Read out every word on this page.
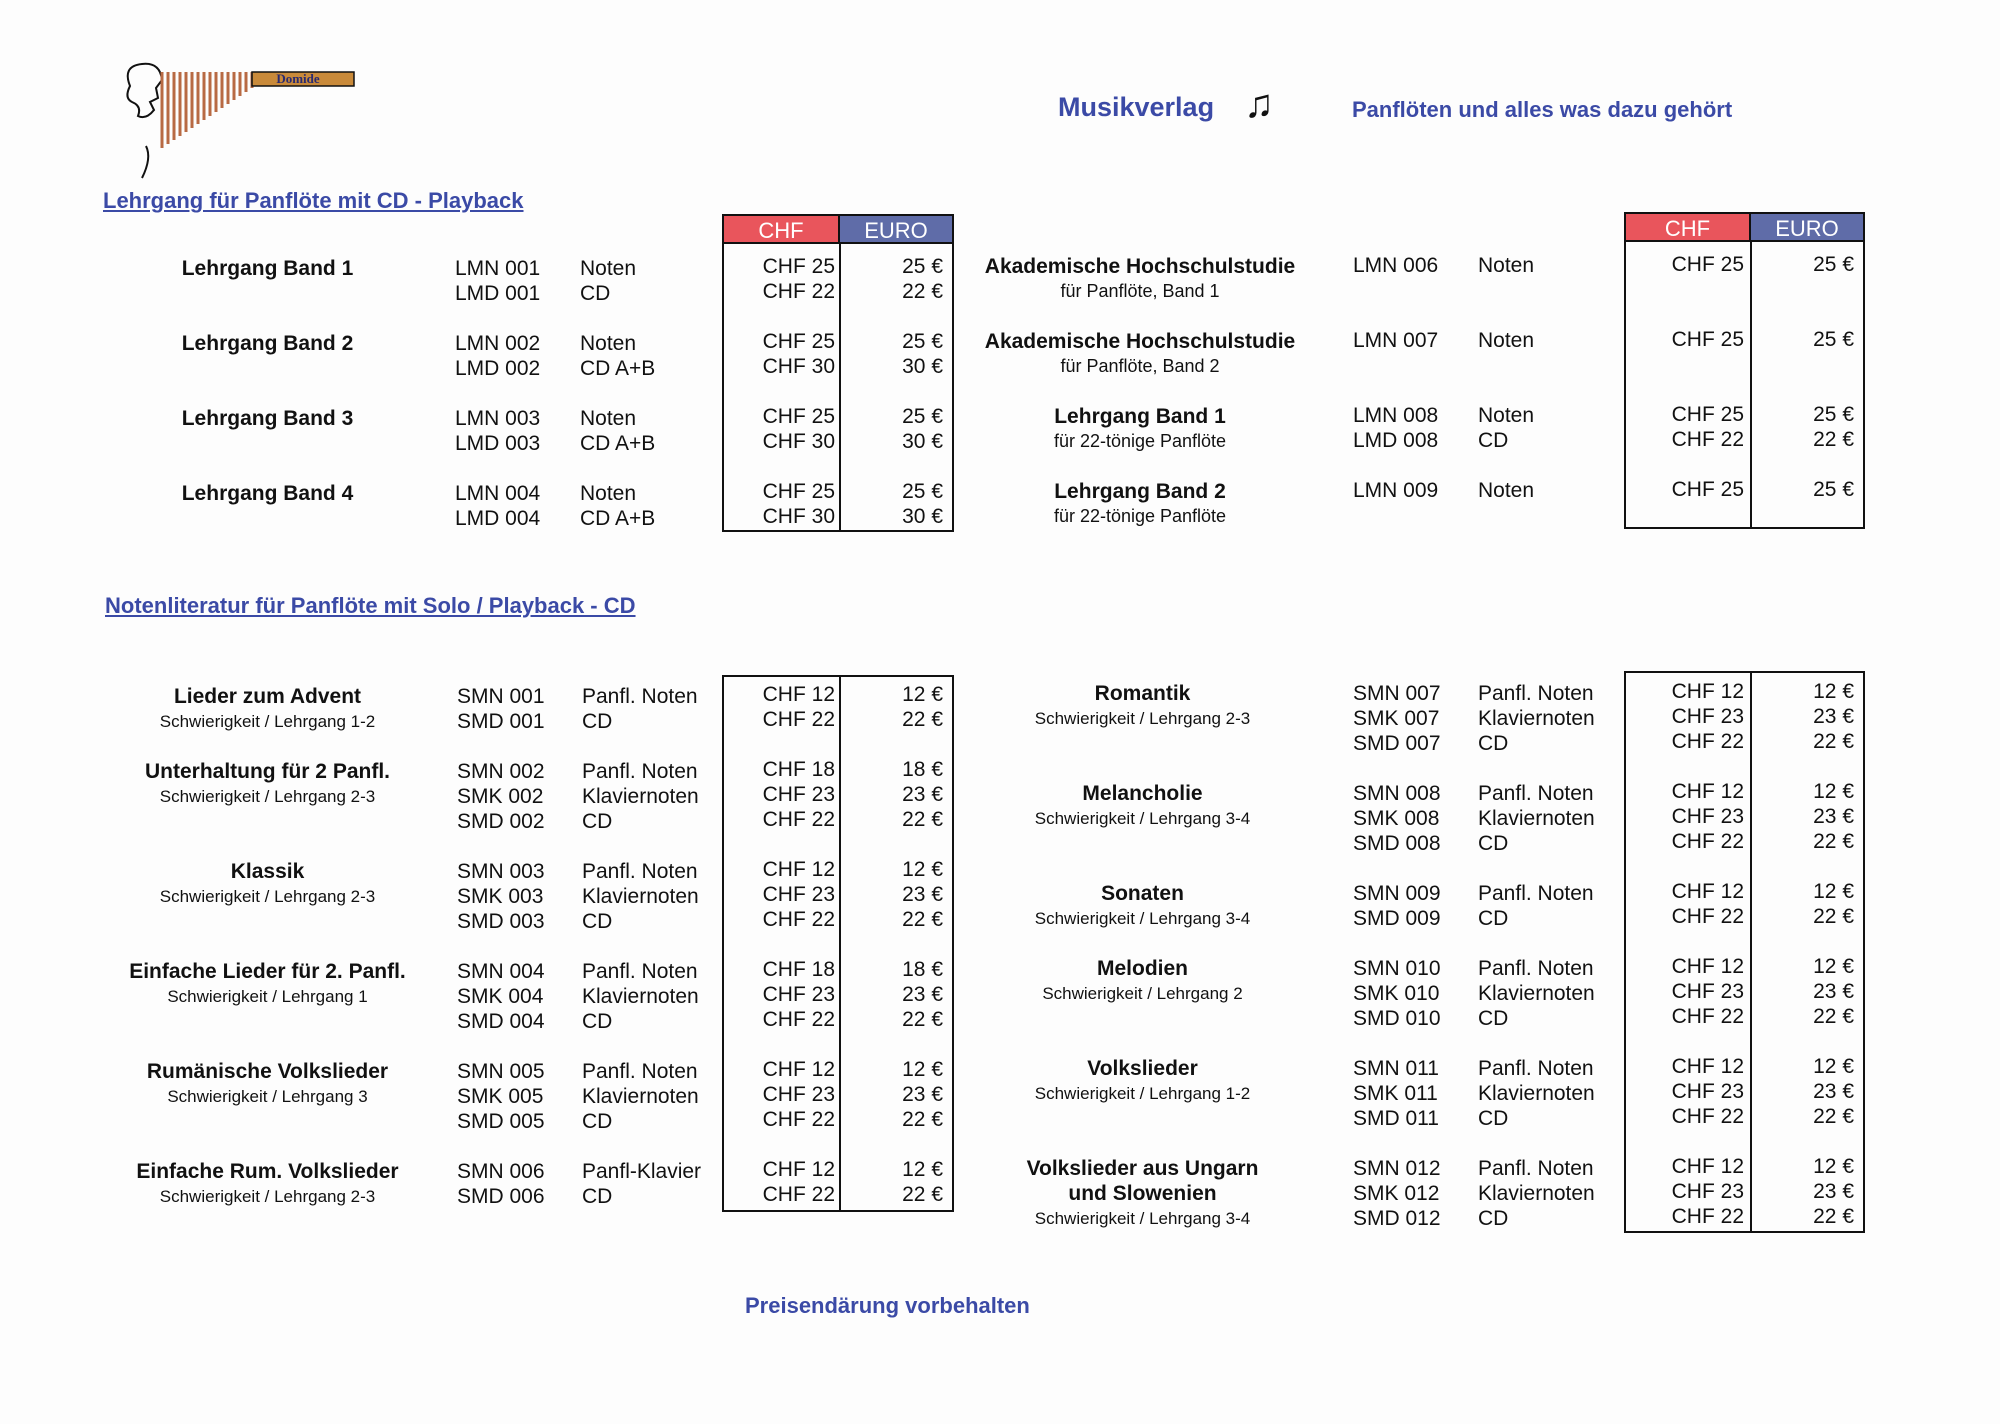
Domide
Musikverlag ♫	Panflöten und alles was dazu gehört
Lehrgang für Panflöte mit CD - Playback
Notenliteratur für Panflöte mit Solo / Playback - CD
CHF	EURO	CHF	EURO
Lehrgang Band 1	LMN 001 Noten	CHF 25	25 €
LMD 001 CD	CHF 22	22 €
Lehrgang Band 2	LMN 002 Noten	CHF 25	25 €
LMD 002 CD A+B	CHF 30	30 €
Lehrgang Band 3	LMN 003 Noten	CHF 25	25 €
LMD 003 CD A+B	CHF 30	30 €
Lehrgang Band 4	LMN 004 Noten	CHF 25	25 €
LMD 004 CD A+B	CHF 30	30 €
Akademische Hochschulstudie
für Panflöte, Band 1
LMN 006 Noten	CHF 25	25 €
Akademische Hochschulstudie
für Panflöte, Band 2
LMN 007 Noten	CHF 25	25 €
Lehrgang Band 1
für 22-tönige Panflöte
LMN 008 Noten	CHF 25	25 €
LMD 008 CD	CHF 22	22 €
Lehrgang Band 2
für 22-tönige Panflöte
LMN 009 Noten	CHF 25	25 €
Lieder zum Advent
Schwierigkeit / Lehrgang 1-2
SMN 001 Panfl. Noten	CHF 12	12 €
SMD 001 CD	CHF 22	22 €
Unterhaltung für 2 Panfl.
Schwierigkeit / Lehrgang 2-3
SMN 002 Panfl. Noten	CHF 18	18 €
SMK 002 Klaviernoten	CHF 23	23 €
SMD 002 CD	CHF 22	22 €
Klassik
Schwierigkeit / Lehrgang 2-3
SMN 003 Panfl. Noten	CHF 12	12 €
SMK 003 Klaviernoten	CHF 23	23 €
SMD 003 CD	CHF 22	22 €
Einfache Lieder für 2. Panfl.
Schwierigkeit / Lehrgang 1
SMN 004 Panfl. Noten	CHF 18	18 €
SMK 004 Klaviernoten	CHF 23	23 €
SMD 004 CD	CHF 22	22 €
Rumänische Volkslieder
Schwierigkeit / Lehrgang 3
SMN 005 Panfl. Noten	CHF 12	12 €
SMK 005 Klaviernoten	CHF 23	23 €
SMD 005 CD	CHF 22	22 €
Einfache Rum. Volkslieder
Schwierigkeit / Lehrgang 2-3
SMN 006 Panfl-Klavier	CHF 12	12 €
SMD 006 CD	CHF 22	22 €
Romantik
Schwierigkeit / Lehrgang 2-3
SMN 007 Panfl. Noten	CHF 12	12 €
SMK 007 Klaviernoten	CHF 23	23 €
SMD 007 CD	CHF 22	22 €
Melancholie
Schwierigkeit / Lehrgang 3-4
SMN 008 Panfl. Noten	CHF 12	12 €
SMK 008 Klaviernoten	CHF 23	23 €
SMD 008 CD	CHF 22	22 €
Sonaten
Schwierigkeit / Lehrgang 3-4
SMN 009 Panfl. Noten	CHF 12	12 €
SMD 009 CD	CHF 22	22 €
Melodien
Schwierigkeit / Lehrgang 2
SMN 010 Panfl. Noten	CHF 12	12 €
SMK 010 Klaviernoten	CHF 23	23 €
SMD 010 CD	CHF 22	22 €
Volkslieder
Schwierigkeit / Lehrgang 1-2
SMN 011 Panfl. Noten	CHF 12	12 €
SMK 011 Klaviernoten	CHF 23	23 €
SMD 011 CD	CHF 22	22 €
Volkslieder aus Ungarn
und Slowenien
Schwierigkeit / Lehrgang 3-4
SMN 012 Panfl. Noten	CHF 12	12 €
SMK 012 Klaviernoten	CHF 23	23 €
SMD 012 CD	CHF 22	22 €
Preisendärung vorbehalten
